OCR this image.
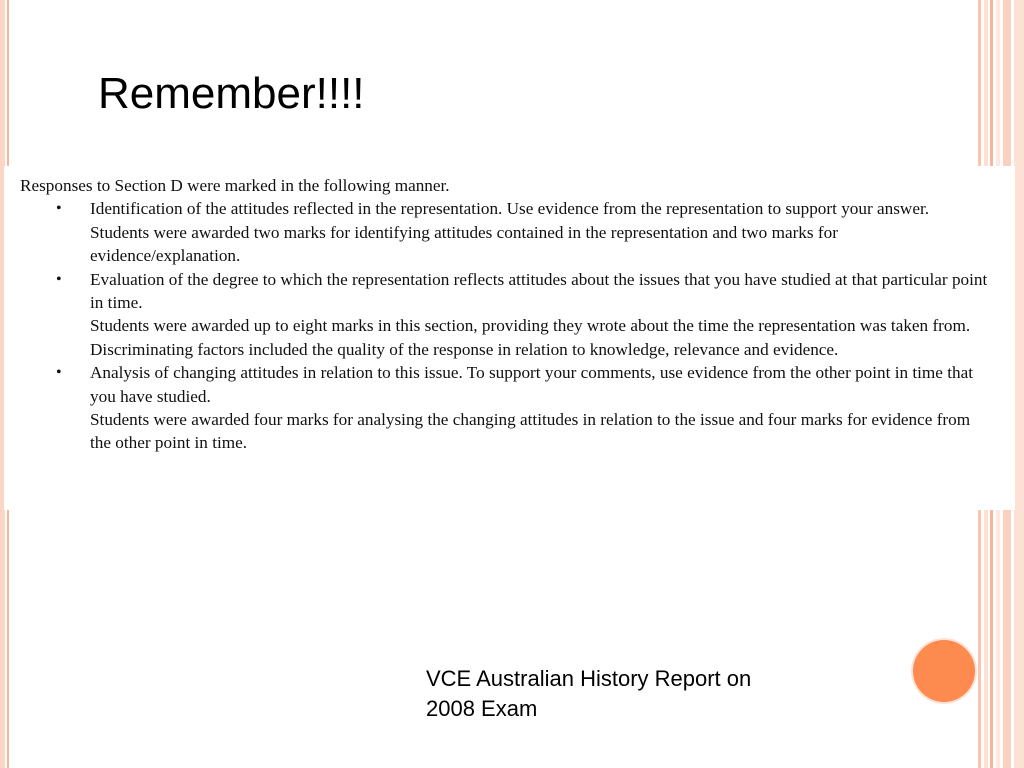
Remember!!!!

Responses to Section D were marked in the following manner.

• Identification of the attitudes reflected in the representation. Use evidence from the representation to support your answer.
Students were awarded two marks for identifying attitudes contained in the representation and two marks for evidence/explanation.
• Evaluation of the degree to which the representation reflects attitudes about the issues that you have studied at that particular point in time.
Students were awarded up to eight marks in this section, providing they wrote about the time the representation was taken from. Discriminating factors included the quality of the response in relation to knowledge, relevance and evidence.
• Analysis of changing attitudes in relation to this issue. To support your comments, use evidence from the other point in time that you have studied.
Students were awarded four marks for analysing the changing attitudes in relation to the issue and four marks for evidence from the other point in time.
VCE Australian History Report on
2008 Exam
